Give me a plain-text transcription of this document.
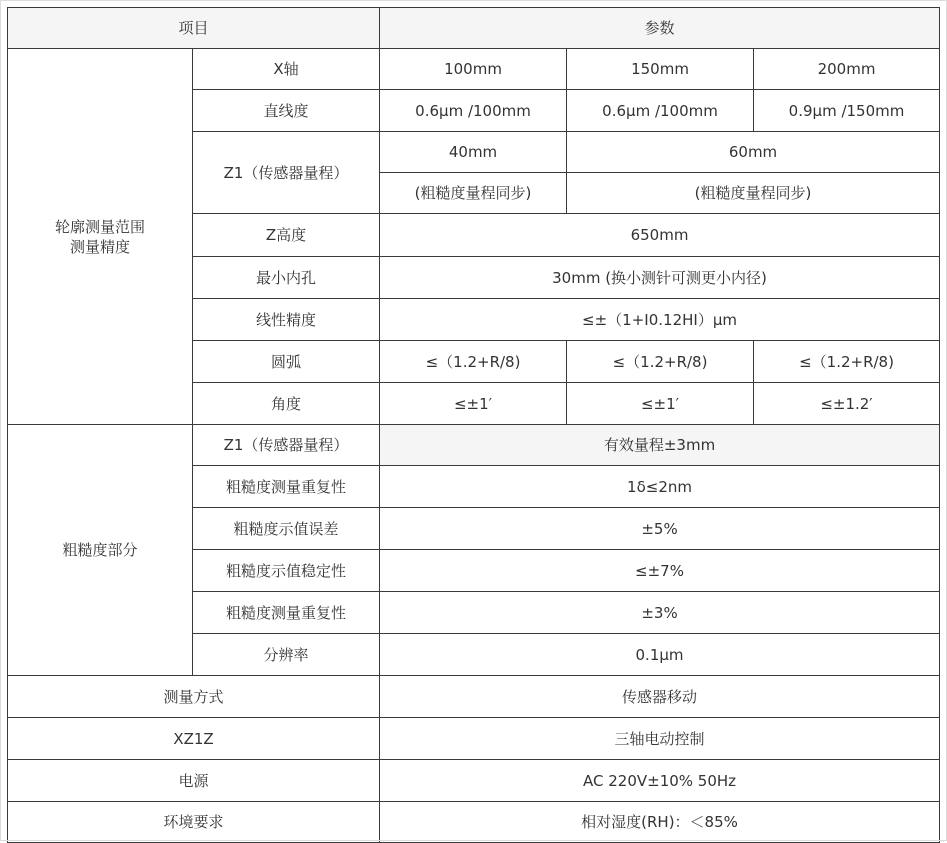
项目		参数		

轮廓测量范围
测量精度	X轴	100mm	150mm	200mm
	直线度	0.6μm /100mm	0.6μm /100mm	0.9μm /150mm
	Z1（传感器量程）	40mm	60mm	
		(粗糙度量程同步)	(粗糙度量程同步)	
	Z高度	650mm		
	最小内孔	30mm (换小测针可测更小内径)		
	线性精度	≤±（1+I0.12HI）μm		
	圆弧	≤（1.2+R/8)	≤（1.2+R/8)	≤（1.2+R/8)
	角度	≤±1′	≤±1′	≤±1.2′
粗糙度部分	Z1（传感器量程）	有效量程±3mm		
	粗糙度测量重复性	1δ≤2nm		
	粗糙度示值误差	±5%		
	粗糙度示值稳定性	≤±7%		
	粗糙度测量重复性	±3%		
	分辨率	0.1μm		
测量方式		传感器移动		
XZ1Z		三轴电动控制		
电源		AC 220V±10% 50Hz		
环境要求		相对湿度(RH)：＜85%		
